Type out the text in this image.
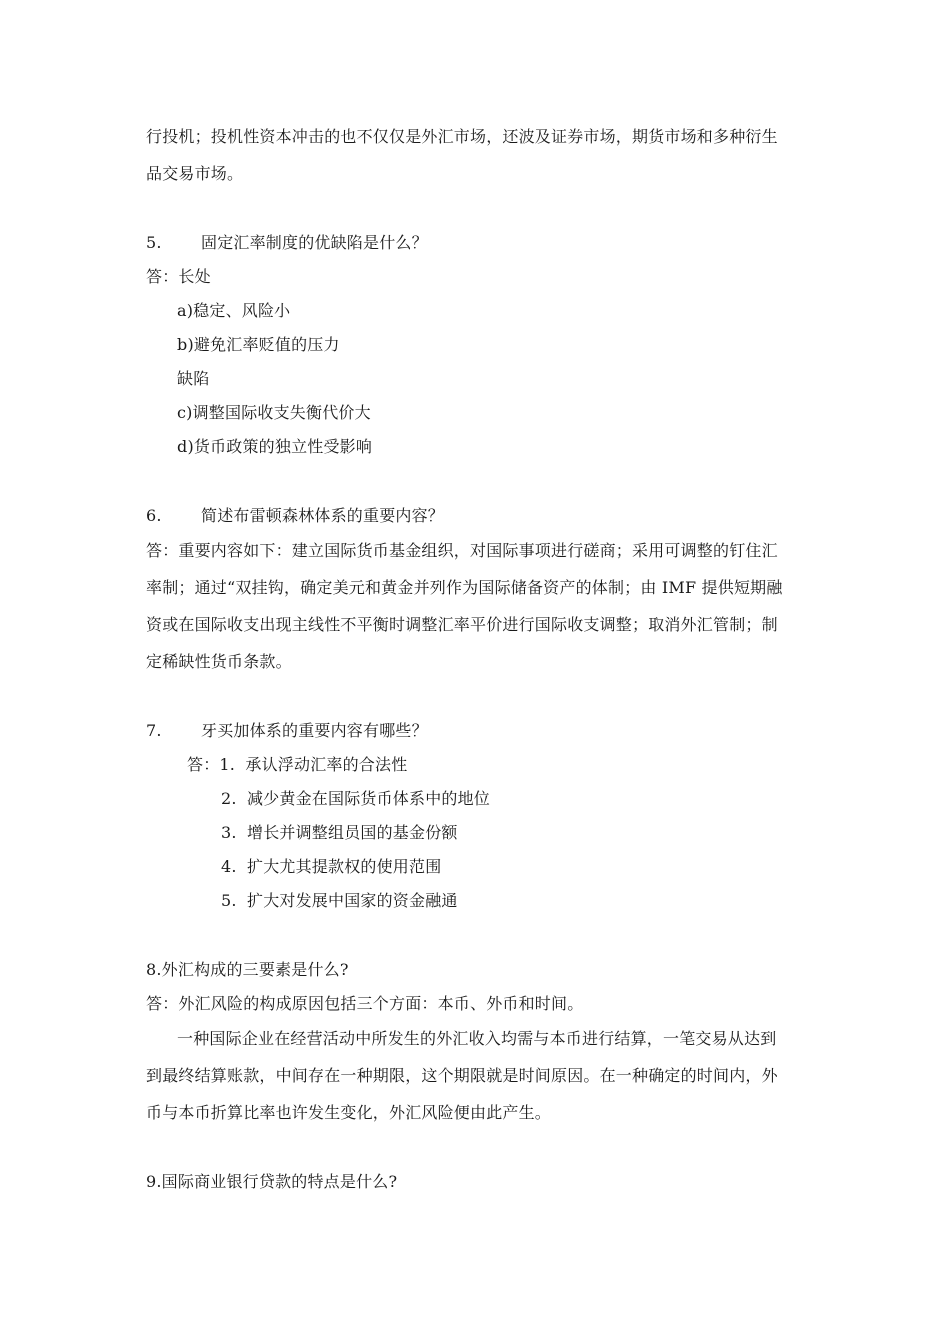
行投机；投机性资本冲击的也不仅仅是外汇市场，还波及证券市场，期货市场和多种衍生
品交易市场。
5. 固定汇率制度的优缺陷是什么？
答：长处
a)稳定、风险小
b)避免汇率贬值的压力
缺陷
c)调整国际收支失衡代价大
d)货币政策的独立性受影响
6. 简述布雷顿森林体系的重要内容？
答：重要内容如下：建立国际货币基金组织，对国际事项进行磋商；采用可调整的钉住汇
率制；通过“双挂钩，确定美元和黄金并列作为国际储备资产的体制；由 IMF 提供短期融
资或在国际收支出现主线性不平衡时调整汇率平价进行国际收支调整；取消外汇管制；制
定稀缺性货币条款。
7. 牙买加体系的重要内容有哪些？
答：1. 承认浮动汇率的合法性
2. 减少黄金在国际货币体系中的地位
3. 增长并调整组员国的基金份额
4. 扩大尤其提款权的使用范围
5. 扩大对发展中国家的资金融通
8.外汇构成的三要素是什么?
答：外汇风险的构成原因包括三个方面：本币、外币和时间。
一种国际企业在经营活动中所发生的外汇收入均需与本币进行结算，一笔交易从达到
到最终结算账款，中间存在一种期限，这个期限就是时间原因。在一种确定的时间内，外
币与本币折算比率也许发生变化，外汇风险便由此产生。
9.国际商业银行贷款的特点是什么?
